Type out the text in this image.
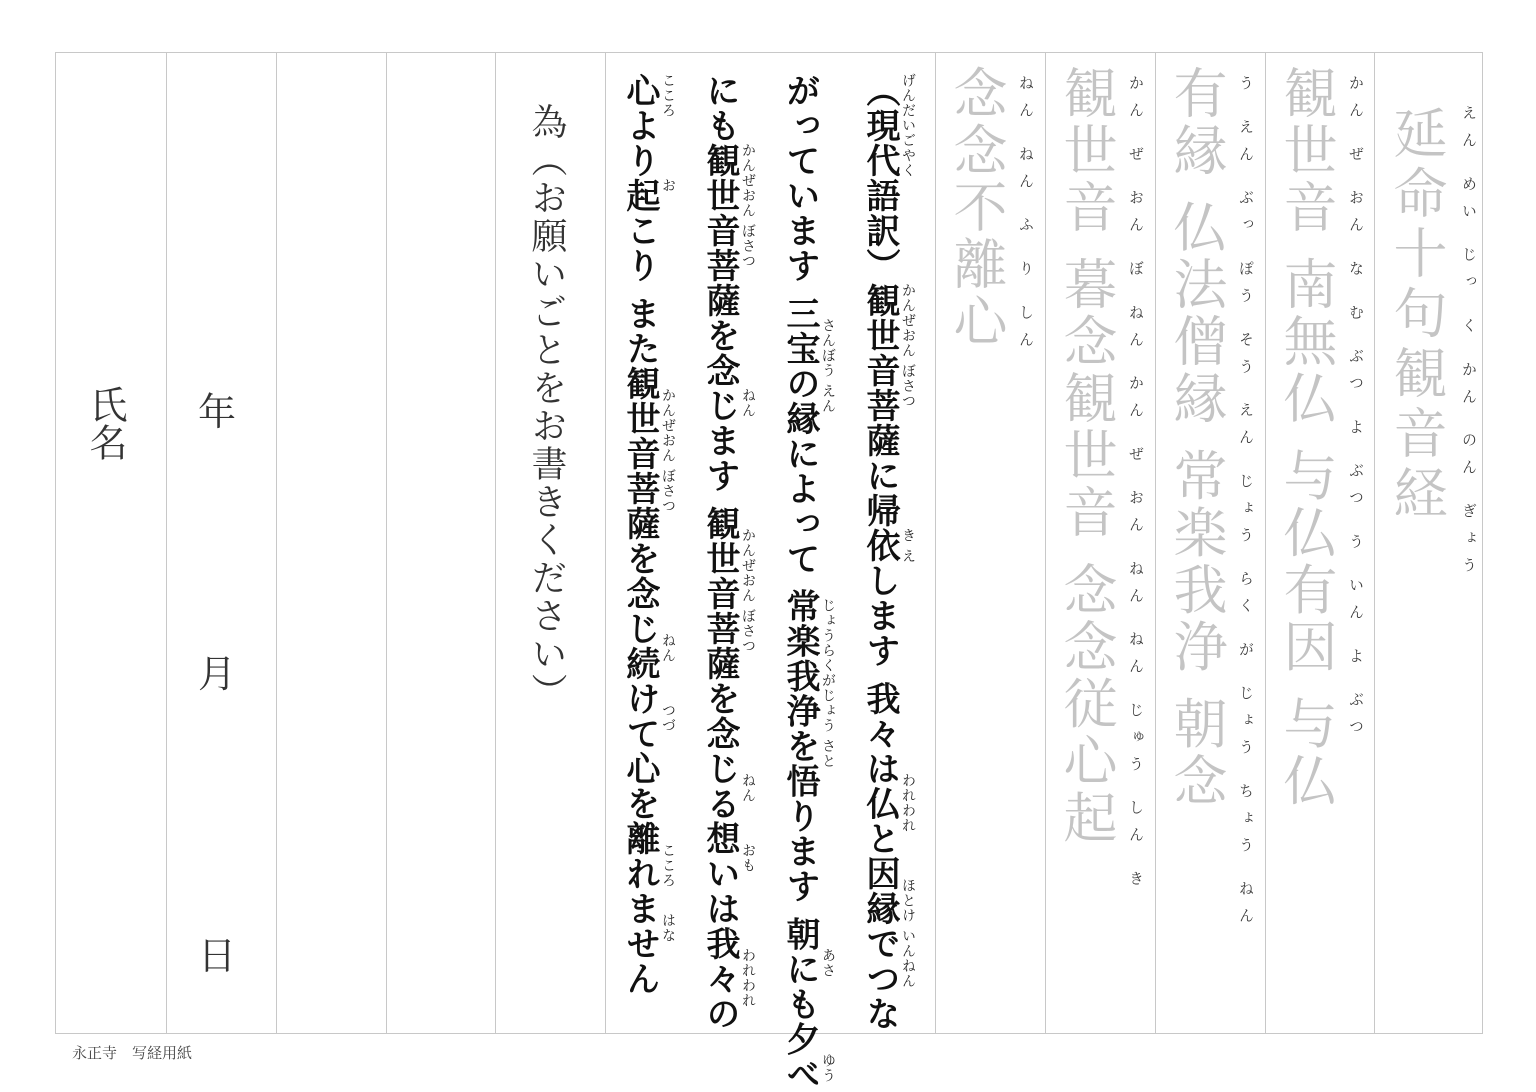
延命十句観音経 えん めい じっ く かん のん ぎょう
観世音 南無仏 与仏有因 与仏 かん ぜ おん な む ぶつ よ ぶつ う いん よ ぶつ
有縁 仏法僧縁 常楽我浄 朝念 う えん ぶっ ぽう そう えん じょう らく が じょう ちょう ねん
観世音 暮念観世音 念念従心起 かん ぜ おん ぼ ねん かん ぜ おん ねん ねん じゅう しん き
念念不離心 ねん ねん ふ り しん
（現代語訳）観世音菩薩に帰依します 我々は仏と因縁でつな
がっています 三宝の縁によって 常楽我浄を悟ります 朝にも夕べ
にも観世音菩薩を念じます 観世音菩薩を念じる想いは我々の
心より起こり また観世音菩薩を念じ続けて心を離れません	げんだいごやく
かんぜおん ぼさつ
き え
われわれ
ほとけ いんねん
さんぼう えん
じょうらくがじょう さと
あさ
ゆう
かんぜおん ぼさつ
ねん
かんぜおん ぼさつ
ねん
おも
われわれ
こころ
お
かんぜおん ぼさつ
ねん
つづ
こころ
はな
為（お願いごとをお書きください）
年
月
日
氏名
永正寺　写経用紙
